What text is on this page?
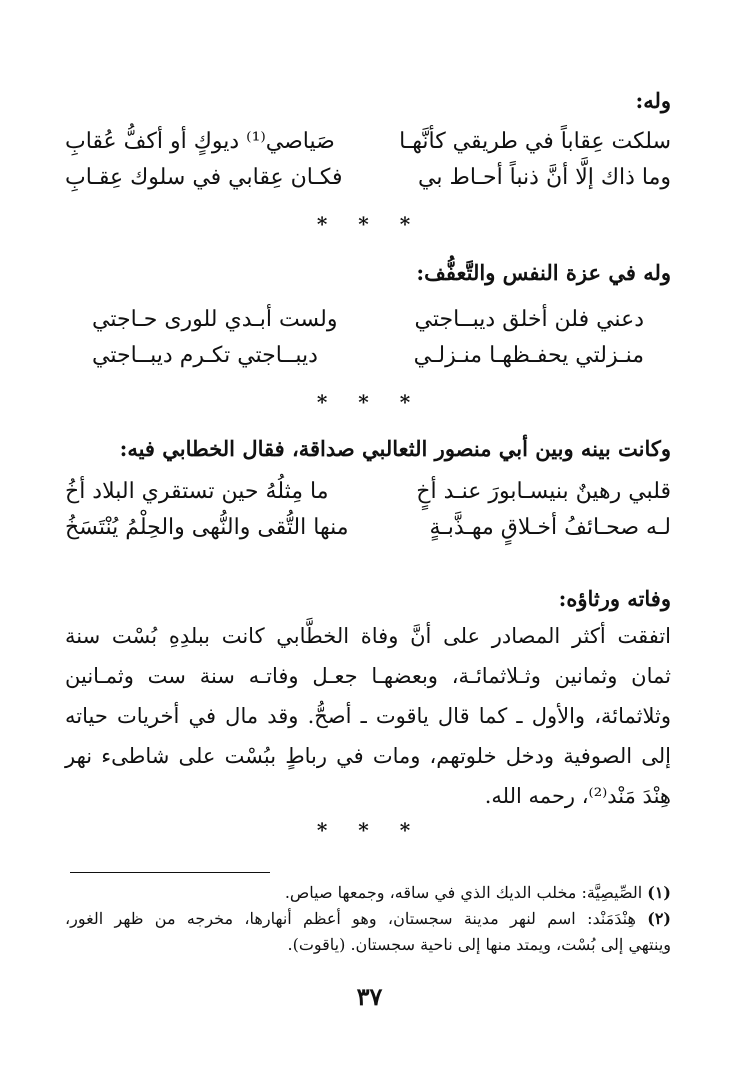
وله:

سلكت عِقاباً في طريقي كأنَّهـا
صَياصي⁽¹⁾ ديوكٍ أو أكفُّ عُقابِ
وما ذاك إلَّا أنَّ ذنباً أحـاط بي
فكـان عِقابي في سلوك عِقـابِ
* * *

وله في عزة النفس والتَّعفُّف:

دعني فلن أخلق ديبــاجتي
ولست أبـدي للورى حـاجتي
منـزلتي يحفـظهـا منـزلـي
ديبــاجتي تكـرم ديبــاجتي
* * *

وكانت بينه وبين أبي منصور الثعالبي صداقة، فقال الخطابي فيه:

قلبي رهينٌ بنيسـابورَ عنـد أخٍ
ما مِثلُهُ حين تستقري البلاد أخُ
لـه صحـائفُ أخـلاقٍ مهـذَّبـةٍ
منها التُّقى والنُّهى والحِلْمُ يُنْتَسَخُ
وفاته ورثاؤه:
اتفقت أكثر المصادر على أنَّ وفاة الخطَّابي كانت ببلدِهِ بُسْت سنة
ثمان وثمانين وثـلاثمائـة، وبعضهـا جعـل وفاتـه سنة ست وثمـانين
وثلاثمائة، والأول ـ كما قال ياقوت ـ أصحُّ. وقد مال في أخريات حياته
إلى الصوفية ودخل خلوتهم، ومات في رباطٍ ببُسْت على شاطىء نهر
هِنْدَ مَنْد⁽²⁾، رحمه الله.
* * *
(١) الصِّيصِيَّة: مخلب الديك الذي في ساقه، وجمعها صياص.
(٢) هِنْدَمَنْد: اسم لنهر مدينة سجستان، وهو أعظم أنهارها، مخرجه من ظهر الغور،
وينتهي إلى بُسْت، ويمتد منها إلى ناحية سجستان. (ياقوت).
٣٧
